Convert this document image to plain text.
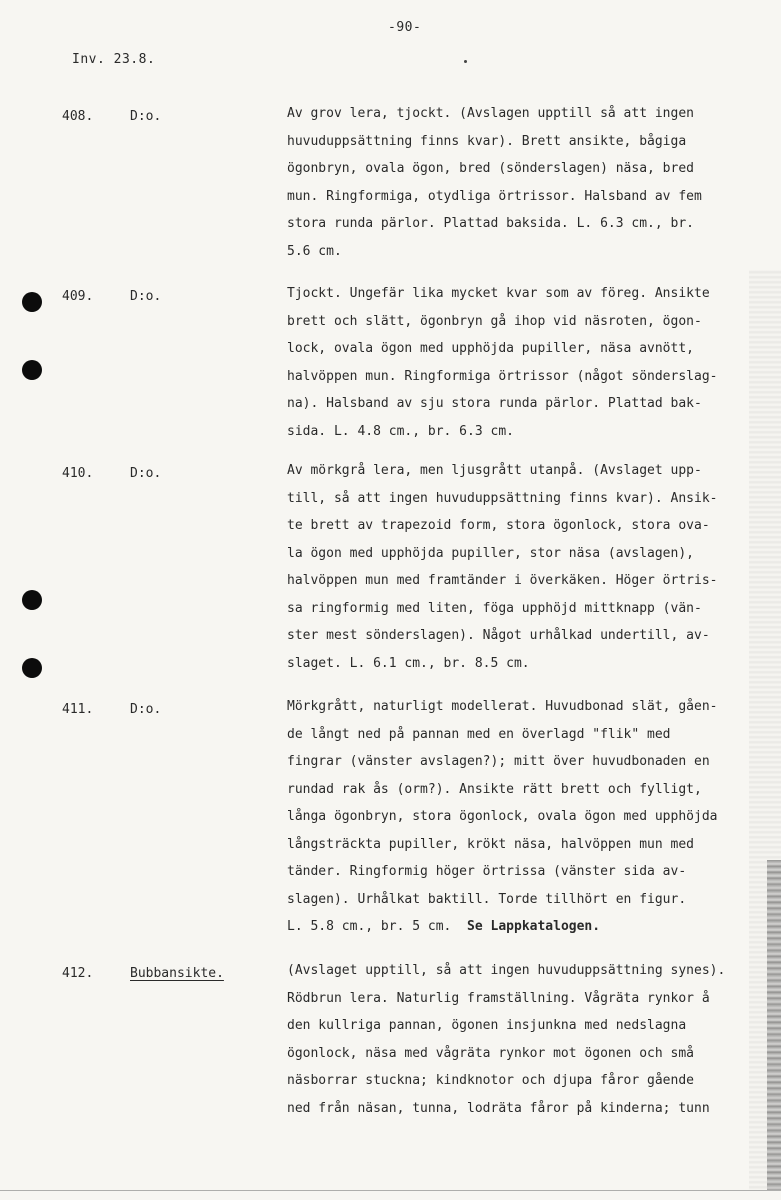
-90-
Inv. 23.8.
408.	D:o.	Av grov lera, tjockt. (Avslagen upptill så att ingen
huvuduppsättning finns kvar). Brett ansikte, bågiga
ögonbryn, ovala ögon, bred (sönderslagen) näsa, bred
mun. Ringformiga, otydliga örtrissor. Halsband av fem
stora runda pärlor. Plattad baksida. L. 6.3 cm., br.
5.6 cm.
409.	D:o.	Tjockt. Ungefär lika mycket kvar som av föreg. Ansikte
brett och slätt, ögonbryn gå ihop vid näsroten, ögon-
lock, ovala ögon med upphöjda pupiller, näsa avnött,
halvöppen mun. Ringformiga örtrissor (något sönderslag-
na). Halsband av sju stora runda pärlor. Plattad bak-
sida. L. 4.8 cm., br. 6.3 cm.
410.	D:o.	Av mörkgrå lera, men ljusgrått utanpå. (Avslaget upp-
till, så att ingen huvuduppsättning finns kvar). Ansik-
te brett av trapezoid form, stora ögonlock, stora ova-
la ögon med upphöjda pupiller, stor näsa (avslagen),
halvöppen mun med framtänder i överkäken. Höger örtris-
sa ringformig med liten, föga upphöjd mittknapp (vän-
ster mest sönderslagen). Något urhålkad undertill, av-
slaget. L. 6.1 cm., br. 8.5 cm.
411.	D:o.	Mörkgrått, naturligt modellerat. Huvudbonad slät, gåen-
de långt ned på pannan med en överlagd "flik" med
fingrar (vänster avslagen?); mitt över huvudbonaden en
rundad rak ås (orm?). Ansikte rätt brett och fylligt,
långa ögonbryn, stora ögonlock, ovala ögon med upphöjda
långsträckta pupiller, krökt näsa, halvöppen mun med
tänder. Ringformig höger örtrissa (vänster sida av-
slagen). Urhålkat baktill. Torde tillhört en figur.
L. 5.8 cm., br. 5 cm. Se Lappkatalogen.
412.	Bubbansikte.	(Avslaget upptill, så att ingen huvuduppsättning synes).
Rödbrun lera. Naturlig framställning. Vågräta rynkor å
den kullriga pannan, ögonen insjunkna med nedslagna
ögonlock, näsa med vågräta rynkor mot ögonen och små
näsborrar stuckna; kindknotor och djupa fåror gående
ned från näsan, tunna, lodräta fåror på kinderna; tunn
